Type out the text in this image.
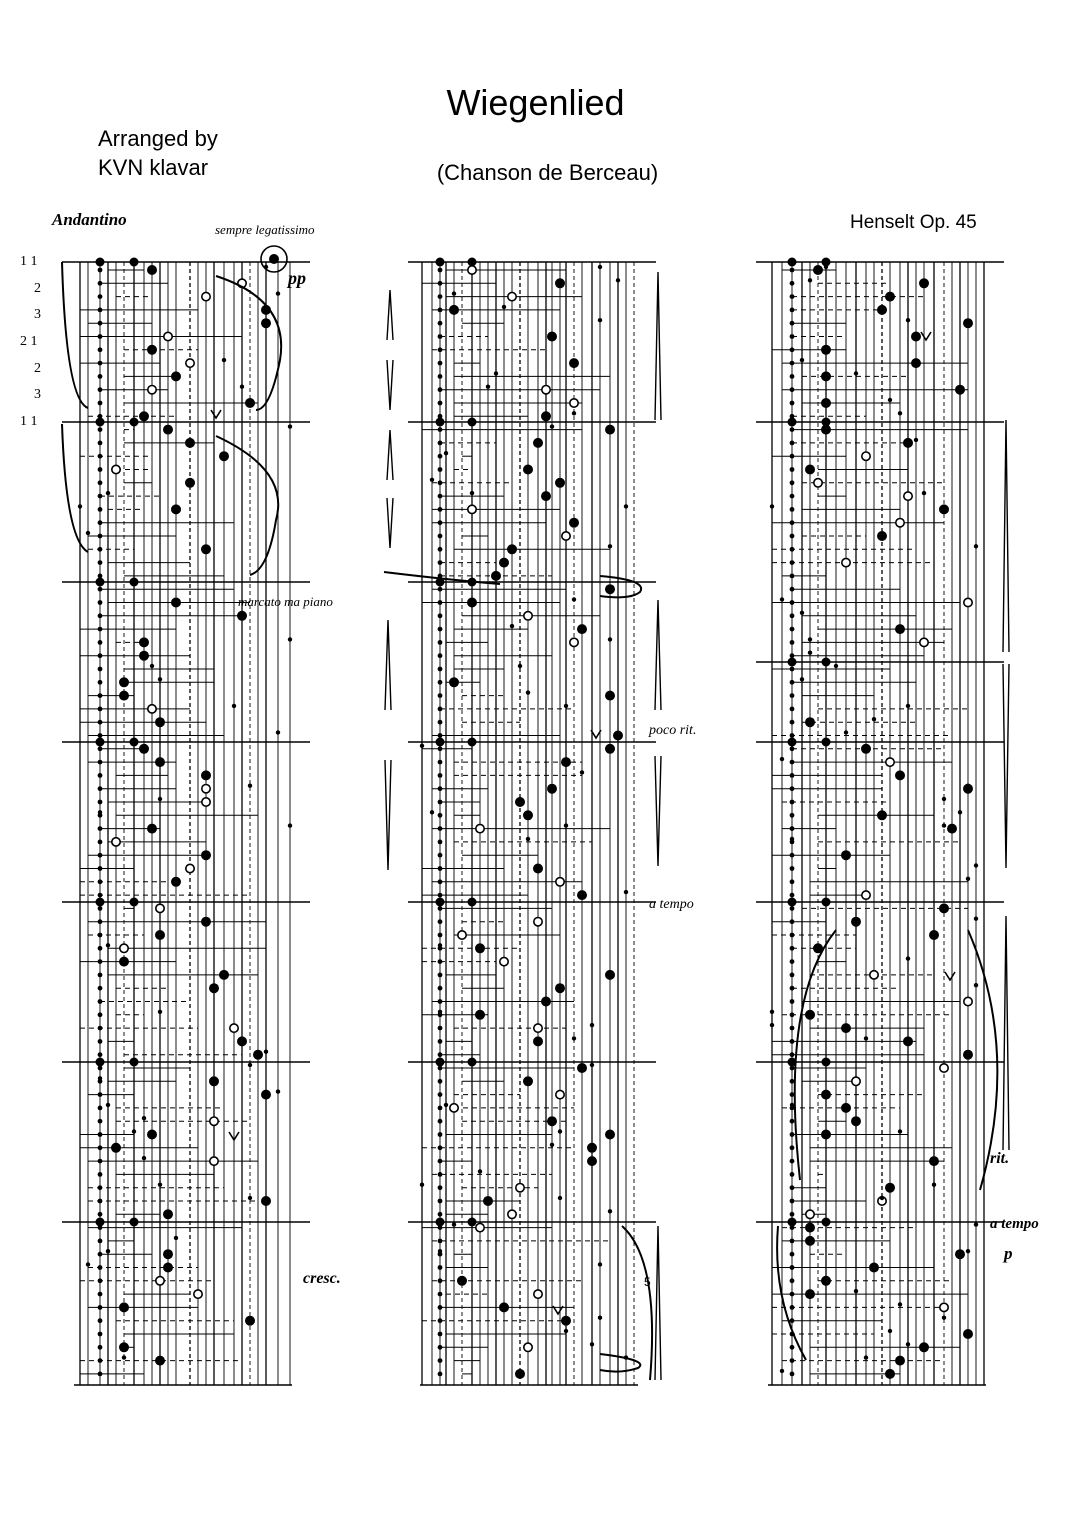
Wiegenlied
(Chanson de Berceau)
Arranged by
KVN klavar
Henselt Op. 45
Andantino
sempre legatissimo
pp
marcato ma piano
cresc.
poco rit.
a tempo
rit.
a tempo
p
5
1 1
2
3
2 1
2
3
1 1
